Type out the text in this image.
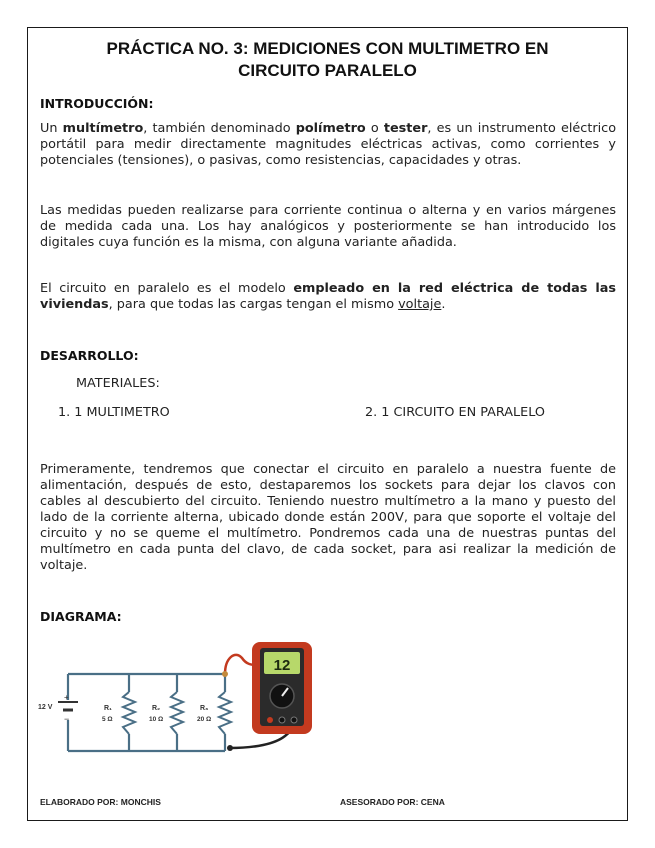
PRÁCTICA NO. 3: MEDICIONES CON MULTIMETRO EN
CIRCUITO PARALELO
INTRODUCCIÓN:
Un multímetro, también denominado polímetro o tester, es un instrumento eléctrico portátil para medir directamente magnitudes eléctricas activas, como corrientes y potenciales (tensiones), o pasivas, como resistencias, capacidades y otras.
Las medidas pueden realizarse para corriente continua o alterna y en varios márgenes de medida cada una. Los hay analógicos y posteriormente se han introducido los digitales cuya función es la misma, con alguna variante añadida.
El circuito en paralelo es el modelo empleado en la red eléctrica de todas las viviendas, para que todas las cargas tengan el mismo voltaje.
DESARROLLO:
MATERIALES:
1. 1 MULTIMETRO	2. 1 CIRCUITO EN PARALELO
Primeramente, tendremos que conectar el circuito en paralelo a nuestra fuente de alimentación, después de esto, destaparemos los sockets para dejar los clavos con cables al descubierto del circuito. Teniendo nuestro multímetro a la mano y puesto del lado de la corriente alterna, ubicado donde están 200V, para que soporte el voltaje del circuito y no se queme el multímetro. Pondremos cada una de nuestras puntas del multímetro en cada punta del clavo, de cada socket, para asi realizar la medición de voltaje.
DIAGRAMA:
+
−
12 V	R₁
5 Ω
R₂
10 Ω
R₃
20 Ω
12
ELABORADO POR: MONCHIS	ASESORADO POR: CENA
